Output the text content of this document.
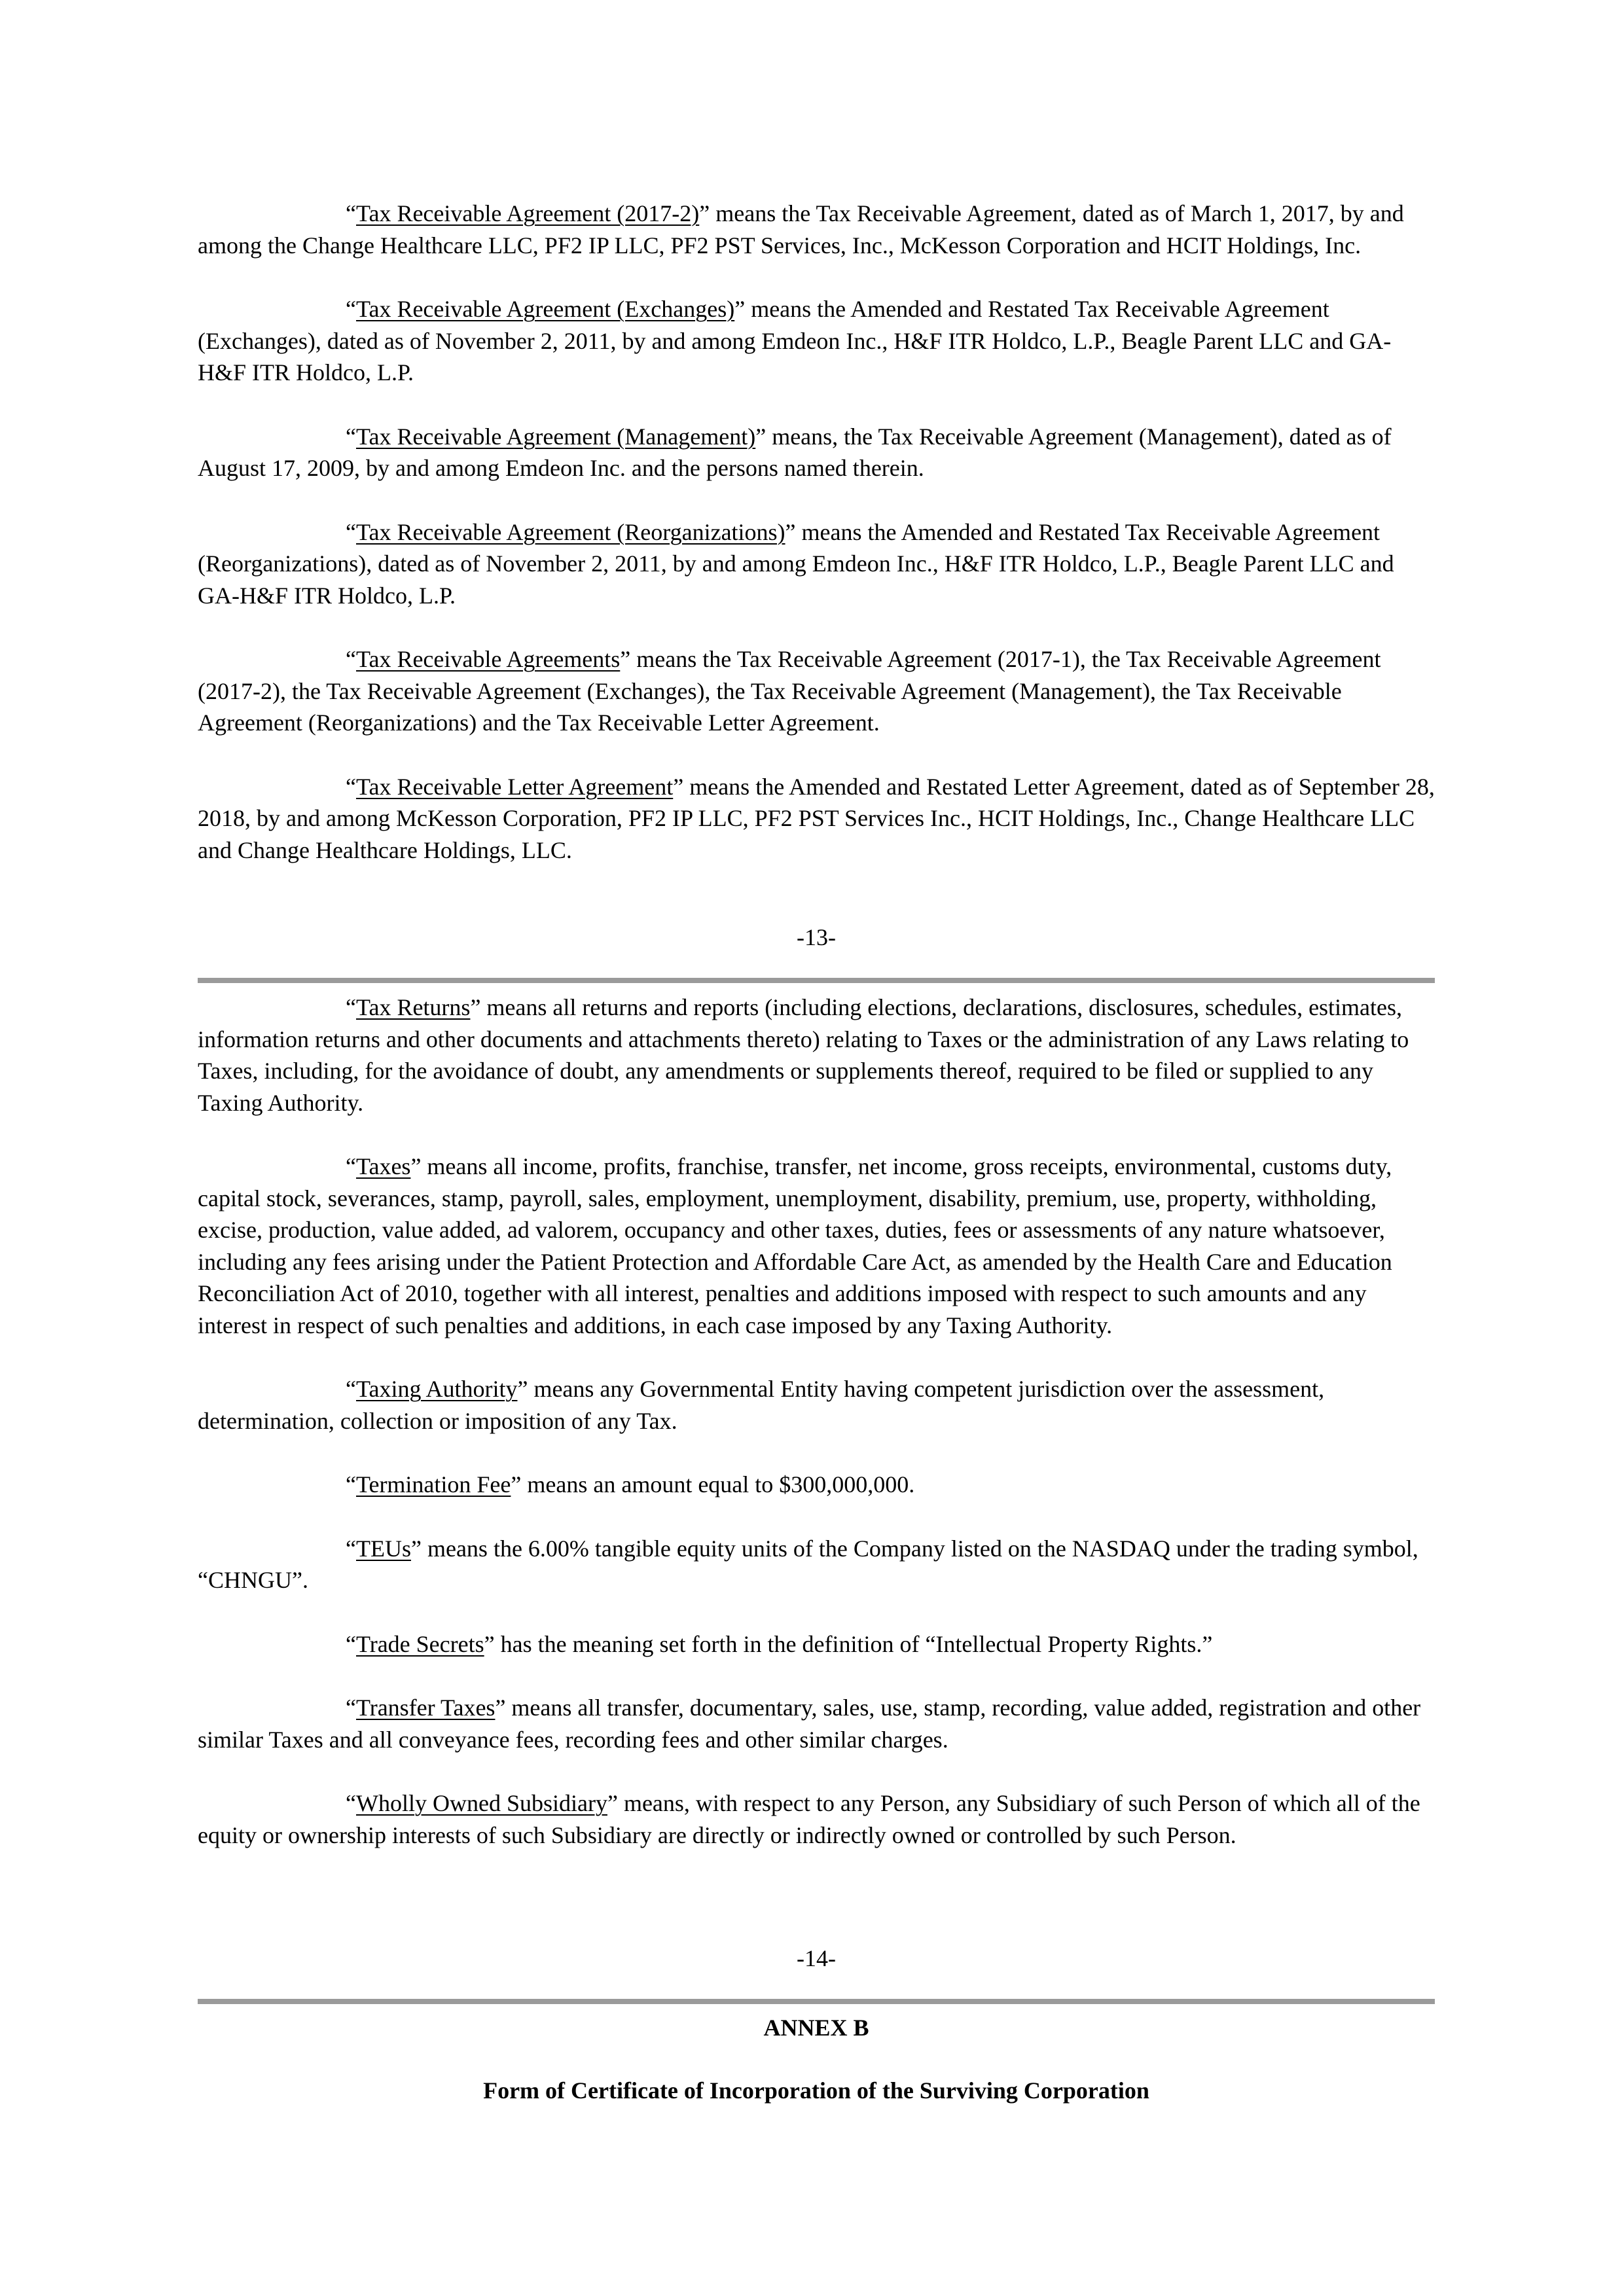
“Tax Receivable Agreement (2017-2)” means the Tax Receivable Agreement, dated as of March 1, 2017, by and among the Change Healthcare LLC, PF2 IP LLC, PF2 PST Services, Inc., McKesson Corporation and HCIT Holdings, Inc.

“Tax Receivable Agreement (Exchanges)” means the Amended and Restated Tax Receivable Agreement (Exchanges), dated as of November 2, 2011, by and among Emdeon Inc., H&F ITR Holdco, L.P., Beagle Parent LLC and GA-H&F ITR Holdco, L.P.

“Tax Receivable Agreement (Management)” means, the Tax Receivable Agreement (Management), dated as of August 17, 2009, by and among Emdeon Inc. and the persons named therein.

“Tax Receivable Agreement (Reorganizations)” means the Amended and Restated Tax Receivable Agreement (Reorganizations), dated as of November 2, 2011, by and among Emdeon Inc., H&F ITR Holdco, L.P., Beagle Parent LLC and GA-H&F ITR Holdco, L.P.

“Tax Receivable Agreements” means the Tax Receivable Agreement (2017-1), the Tax Receivable Agreement (2017-2), the Tax Receivable Agreement (Exchanges), the Tax Receivable Agreement (Management), the Tax Receivable Agreement (Reorganizations) and the Tax Receivable Letter Agreement.

“Tax Receivable Letter Agreement” means the Amended and Restated Letter Agreement, dated as of September 28, 2018, by and among McKesson Corporation, PF2 IP LLC, PF2 PST Services Inc., HCIT Holdings, Inc., Change Healthcare LLC and Change Healthcare Holdings, LLC.

-13-

“Tax Returns” means all returns and reports (including elections, declarations, disclosures, schedules, estimates, information returns and other documents and attachments thereto) relating to Taxes or the administration of any Laws relating to Taxes, including, for the avoidance of doubt, any amendments or supplements thereof, required to be filed or supplied to any Taxing Authority.

“Taxes” means all income, profits, franchise, transfer, net income, gross receipts, environmental, customs duty, capital stock, severances, stamp, payroll, sales, employment, unemployment, disability, premium, use, property, withholding, excise, production, value added, ad valorem, occupancy and other taxes, duties, fees or assessments of any nature whatsoever, including any fees arising under the Patient Protection and Affordable Care Act, as amended by the Health Care and Education Reconciliation Act of 2010, together with all interest, penalties and additions imposed with respect to such amounts and any interest in respect of such penalties and additions, in each case imposed by any Taxing Authority.

“Taxing Authority” means any Governmental Entity having competent jurisdiction over the assessment, determination, collection or imposition of any Tax.

“Termination Fee” means an amount equal to $300,000,000.

“TEUs” means the 6.00% tangible equity units of the Company listed on the NASDAQ under the trading symbol, “CHNGU”.

“Trade Secrets” has the meaning set forth in the definition of “Intellectual Property Rights.”

“Transfer Taxes” means all transfer, documentary, sales, use, stamp, recording, value added, registration and other similar Taxes and all conveyance fees, recording fees and other similar charges.

“Wholly Owned Subsidiary” means, with respect to any Person, any Subsidiary of such Person of which all of the equity or ownership interests of such Subsidiary are directly or indirectly owned or controlled by such Person.

-14-
ANNEX B
Form of Certificate of Incorporation of the Surviving Corporation
